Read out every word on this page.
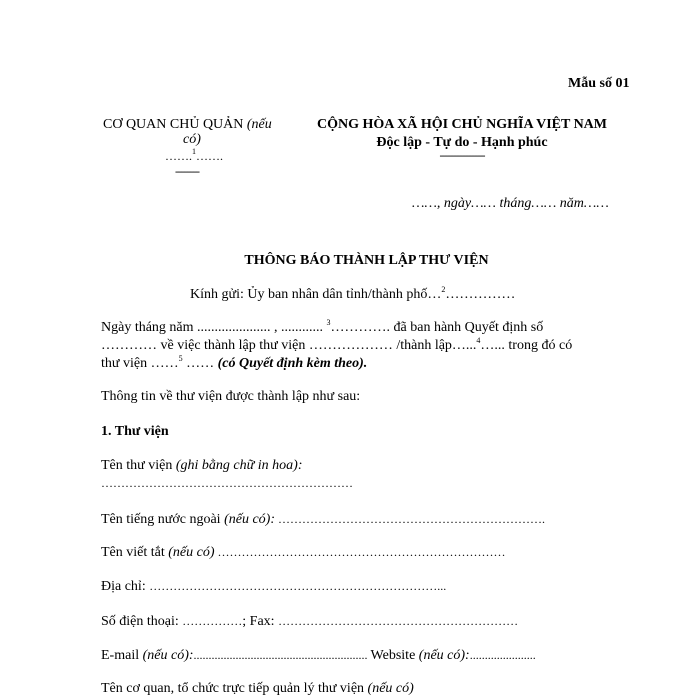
Mẫu số 01
CƠ QUAN CHỦ QUẢN (nếu
có)
…….$^1$…….
--------
CỘNG HÒA XÃ HỘI CHỦ NGHĨA VIỆT NAM
Độc lập - Tự do - Hạnh phúc
---------------
……, ngày…… tháng…… năm……
THÔNG BÁO THÀNH LẬP THƯ VIỆN
Kính gửi: Ủy ban nhân dân tỉnh/thành phố…$^2$……………
Ngày tháng năm ..................... , ............ $^3$…………. đã ban hành Quyết định số
………… về việc thành lập thư viện ……………… /thành lập…...$^4$…... trong đó có
thư viện ……$^5$ …… (có Quyết định kèm theo).
Thông tin về thư viện được thành lập như sau:
1. Thư viện
Tên thư viện (ghi bằng chữ in hoa):
………………………………………………………
Tên tiếng nước ngoài (nếu có): ………………………………………………………….
Tên viết tắt (nếu có) ………………………………………………………………
Địa chỉ: ………………………………………………………………...
Số điện thoại: ……………; Fax: ……………………………………………………
E-mail (nếu có):.......................................................... Website (nếu có):......................
Tên cơ quan, tổ chức trực tiếp quản lý thư viện (nếu có)
